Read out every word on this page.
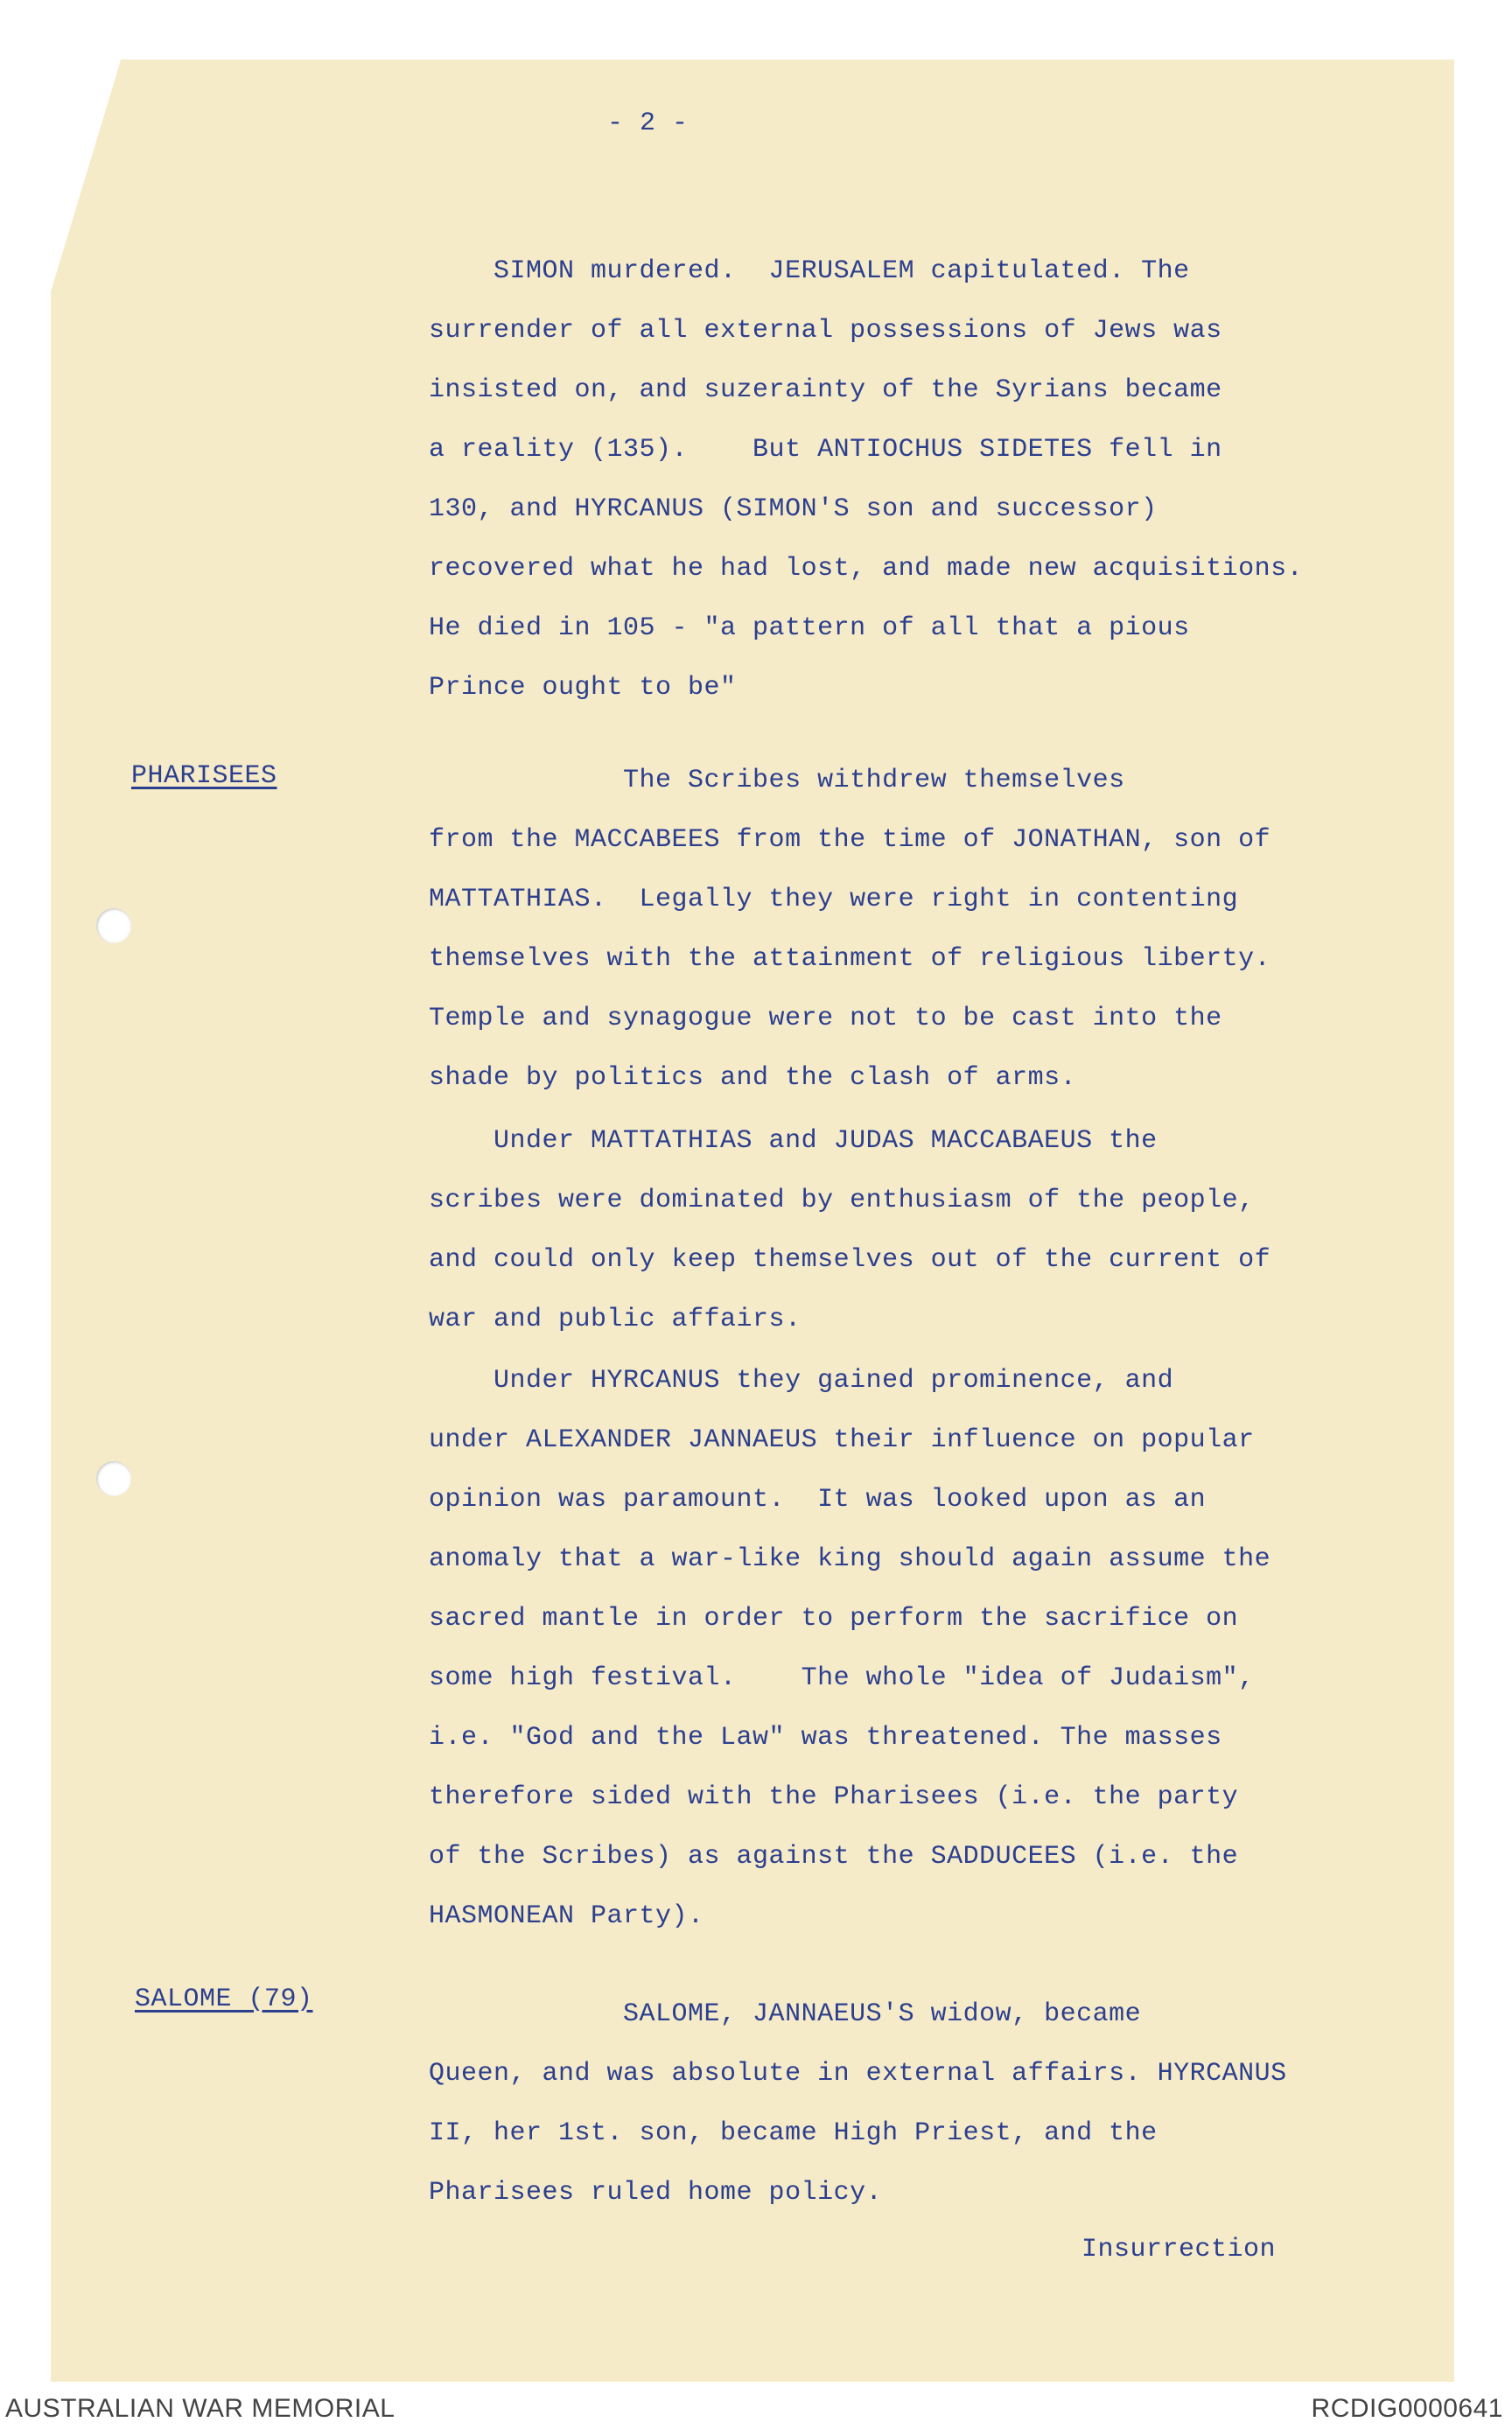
- 2 -

SIMON murdered.  JERUSALEM capitulated. The
surrender of all external possessions of Jews was
insisted on, and suzerainty of the Syrians became
a reality (135).    But ANTIOCHUS SIDETES fell in
130, and HYRCANUS (SIMON'S son and successor)
recovered what he had lost, and made new acquisitions.
He died in 105 - "a pattern of all that a pious
Prince ought to be"

PHARISEES	The Scribes withdrew themselves
from the MACCABEES from the time of JONATHAN, son of
MATTATHIAS.  Legally they were right in contenting
themselves with the attainment of religious liberty.
Temple and synagogue were not to be cast into the
shade by politics and the clash of arms.

Under MATTATHIAS and JUDAS MACCABAEUS the
scribes were dominated by enthusiasm of the people,
and could only keep themselves out of the current of
war and public affairs.

Under HYRCANUS they gained prominence, and
under ALEXANDER JANNAEUS their influence on popular
opinion was paramount.  It was looked upon as an
anomaly that a war-like king should again assume the
sacred mantle in order to perform the sacrifice on
some high festival.    The whole "idea of Judaism",
i.e. "God and the Law" was threatened. The masses
therefore sided with the Pharisees (i.e. the party
of the Scribes) as against the SADDUCEES (i.e. the
HASMONEAN Party).

SALOME (79)	SALOME, JANNAEUS'S widow, became
Queen, and was absolute in external affairs. HYRCANUS
II, her 1st. son, became High Priest, and the
Pharisees ruled home policy.

Insurrection

AUSTRALIAN WAR MEMORIAL	RCDIG0000641
